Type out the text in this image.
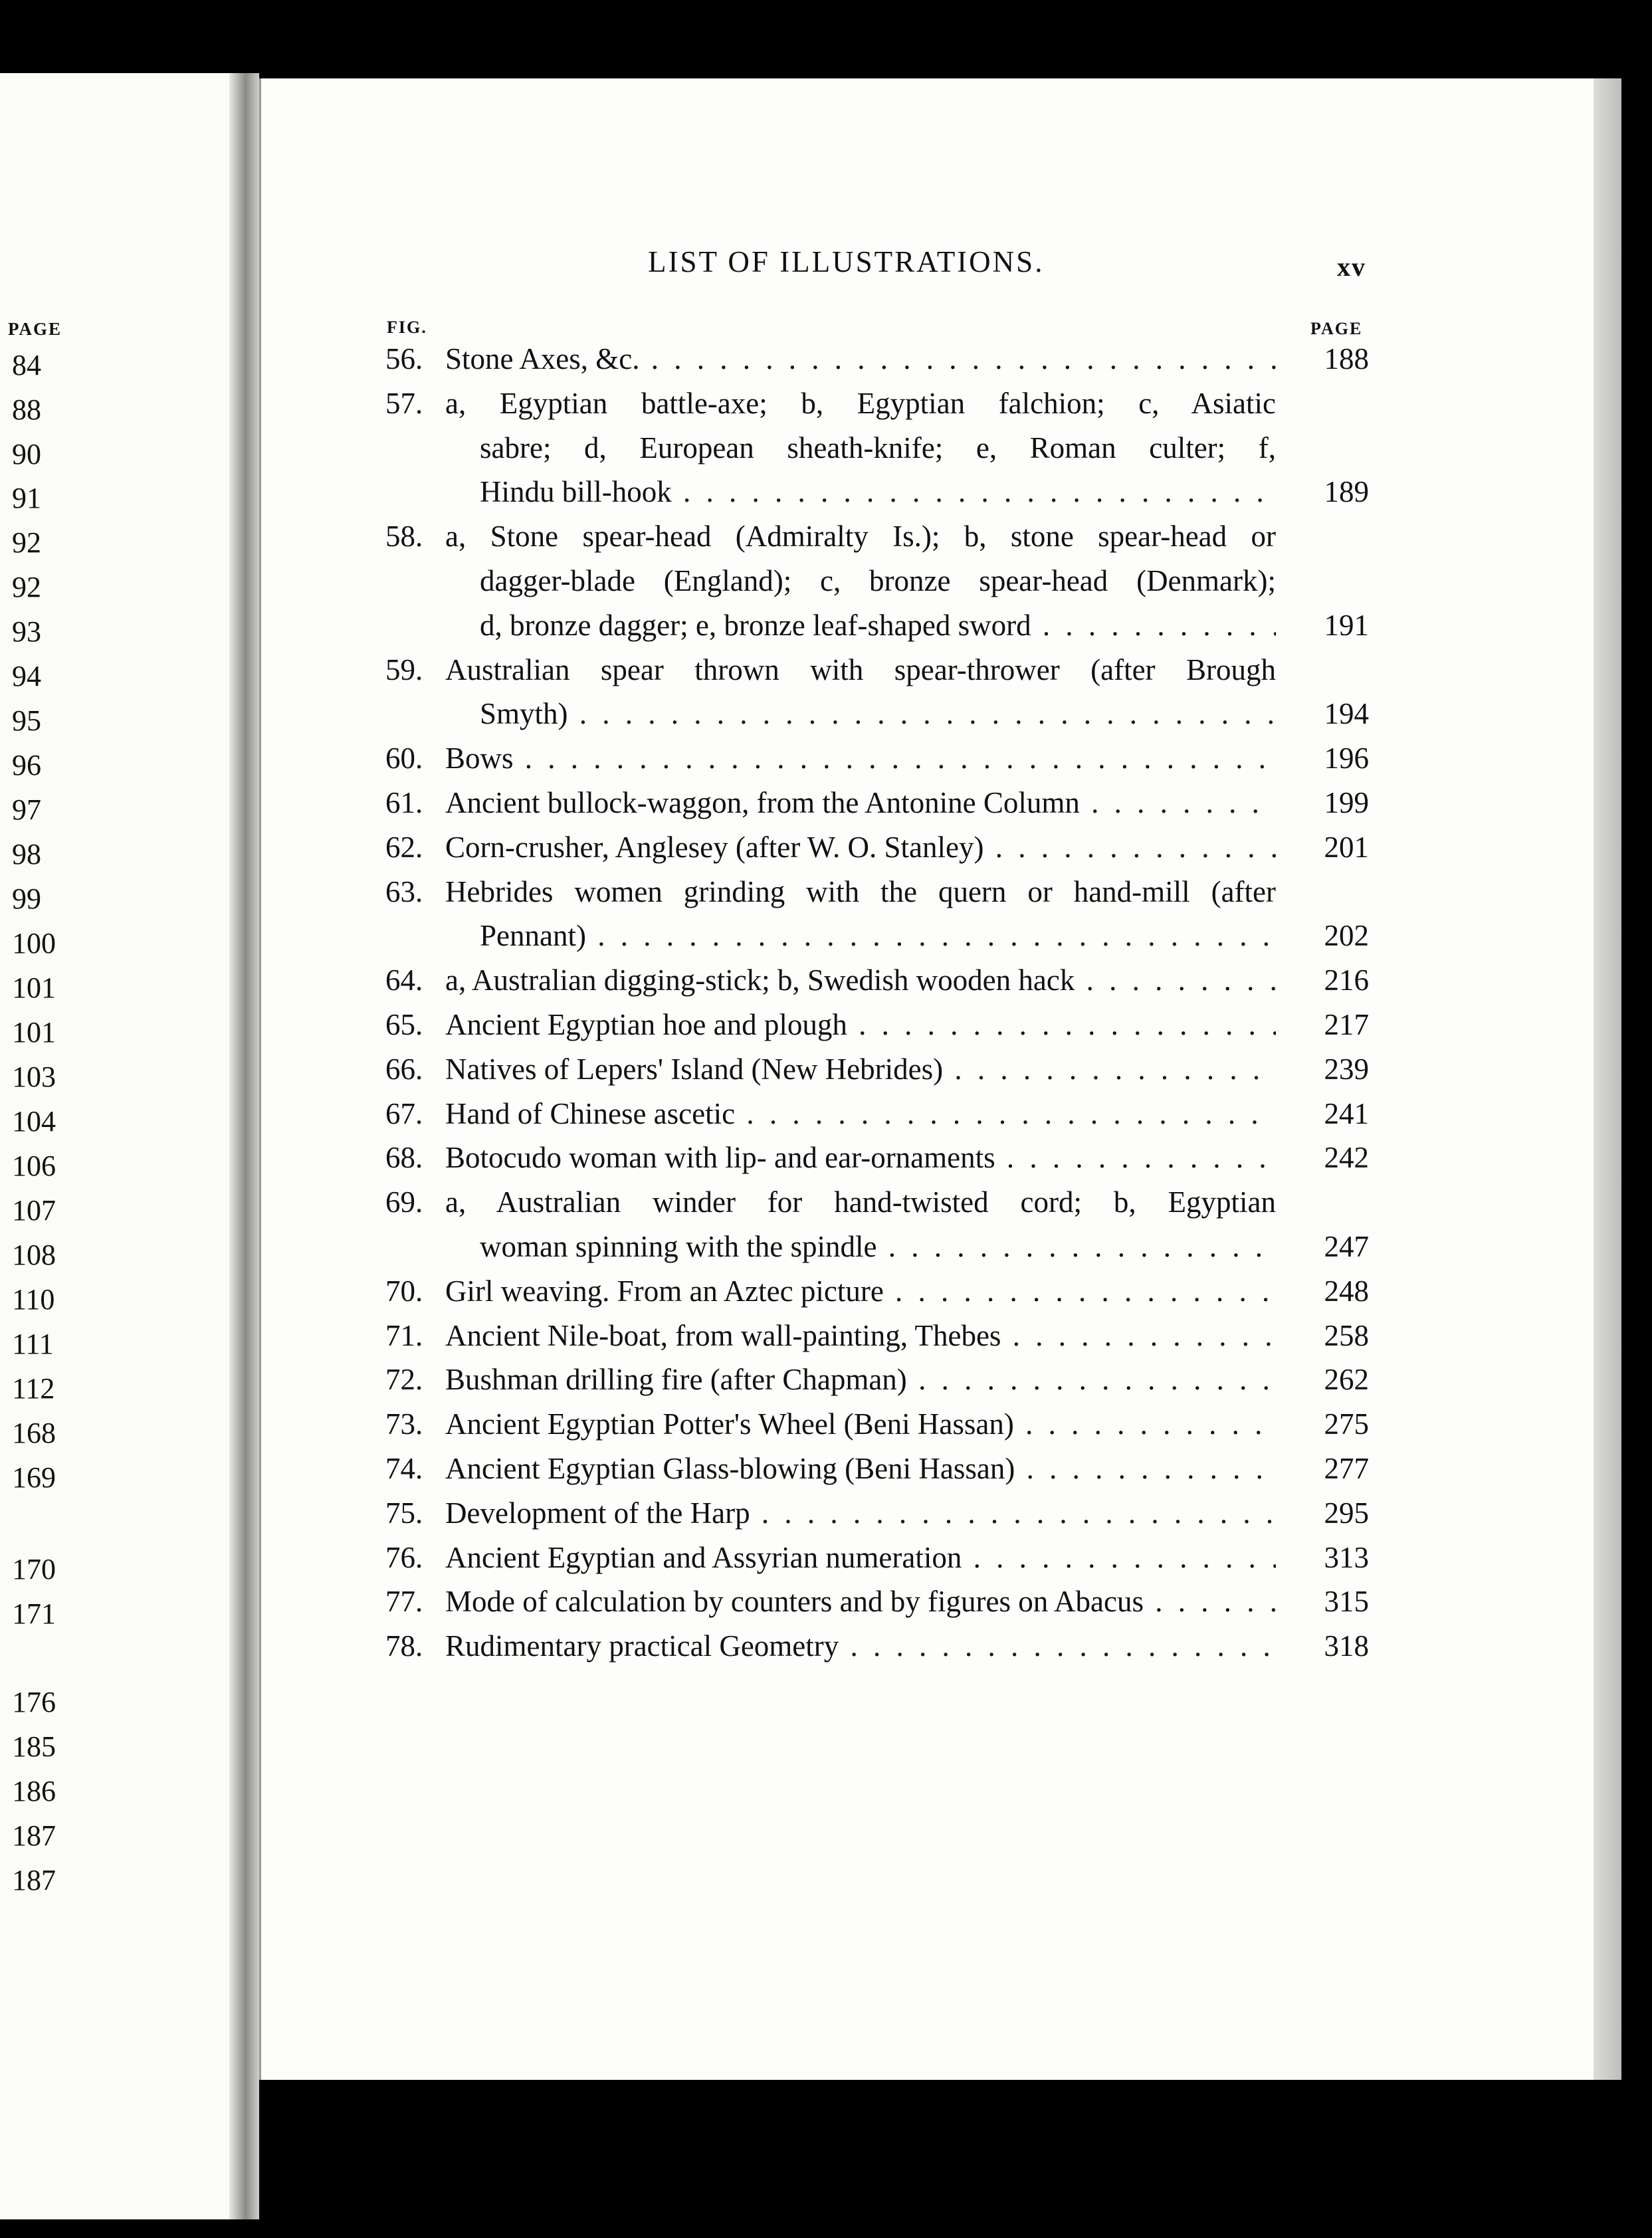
PAGE
84
88
90
91
92
92
93
94
95
96
97
98
99
100
101
101
103
104
106
107
108
110
111
112
168
169
170
171
176
185
186
187
187
LIST OF ILLUSTRATIONS.	xv
FIG.	PAGE
56. Stone Axes, &c. . . .	188
57. a, Egyptian battle-axe; b, Egyptian falchion; c, Asiatic
sabre; d, European sheath-knife; e, Roman culter; f,
Hindu bill-hook . . .	189
58. a, Stone spear-head (Admiralty Is.); b, stone spear-head or
dagger-blade (England); c, bronze spear-head (Denmark);
d, bronze dagger; e, bronze leaf-shaped sword . . .	191
59. Australian spear thrown with spear-thrower (after Brough
Smyth) . . .	194
60. Bows . . .	196
61. Ancient bullock-waggon, from the Antonine Column . . .	199
62. Corn-crusher, Anglesey (after W. O. Stanley) . . .	201
63. Hebrides women grinding with the quern or hand-mill (after
Pennant) . . .	202
64. a, Australian digging-stick; b, Swedish wooden hack . . .	216
65. Ancient Egyptian hoe and plough . . .	217
66. Natives of Lepers' Island (New Hebrides) . . .	239
67. Hand of Chinese ascetic . . .	241
68. Botocudo woman with lip- and ear-ornaments . . .	242
69. a, Australian winder for hand-twisted cord; b, Egyptian
woman spinning with the spindle . . .	247
70. Girl weaving. From an Aztec picture . . .	248
71. Ancient Nile-boat, from wall-painting, Thebes . . .	258
72. Bushman drilling fire (after Chapman) . . .	262
73. Ancient Egyptian Potter's Wheel (Beni Hassan) . . .	275
74. Ancient Egyptian Glass-blowing (Beni Hassan) . . .	277
75. Development of the Harp . . .	295
76. Ancient Egyptian and Assyrian numeration . . .	313
77. Mode of calculation by counters and by figures on Abacus . . .	315
78. Rudimentary practical Geometry . . .	318
